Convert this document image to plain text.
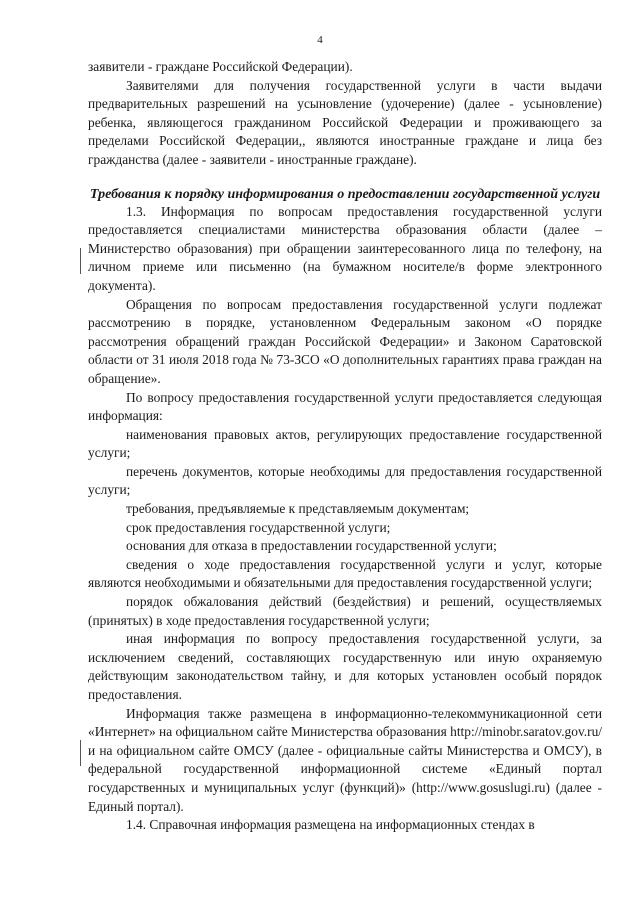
4

заявители - граждане Российской Федерации).

Заявителями для получения государственной услуги в части выдачи предварительных разрешений на усыновление (удочерение) (далее - усыновление) ребенка, являющегося гражданином Российской Федерации и проживающего за пределами Российской Федерации,, являются иностранные граждане и лица без гражданства (далее - заявители - иностранные граждане).

Требования к порядку информирования о предоставлении государственной услуги

1.3. Информация по вопросам предоставления государственной услуги предоставляется специалистами министерства образования области (далее – Министерство образования) при обращении заинтересованного лица по телефону, на личном приеме или письменно (на бумажном носителе/в форме электронного документа).

Обращения по вопросам предоставления государственной услуги подлежат рассмотрению в порядке, установленном Федеральным законом «О порядке рассмотрения обращений граждан Российской Федерации» и Законом Саратовской области от 31 июля 2018 года № 73-ЗСО «О дополнительных гарантиях права граждан на обращение».

По вопросу предоставления государственной услуги предоставляется следующая информация:

наименования правовых актов, регулирующих предоставление государственной услуги;

перечень документов, которые необходимы для предоставления государственной услуги;

требования, предъявляемые к представляемым документам;

срок предоставления государственной услуги;

основания для отказа в предоставлении государственной услуги;

сведения о ходе предоставления государственной услуги и услуг, которые являются необходимыми и обязательными для предоставления государственной услуги;

порядок обжалования действий (бездействия) и решений, осуществляемых (принятых) в ходе предоставления государственной услуги;

иная информация по вопросу предоставления государственной услуги, за исключением сведений, составляющих государственную или иную охраняемую действующим законодательством тайну, и для которых установлен особый порядок предоставления.

Информация также размещена в информационно-телекоммуникационной сети «Интернет» на официальном сайте Министерства образования http://minobr.saratov.gov.ru/ и на официальном сайте ОМСУ (далее - официальные сайты Министерства и ОМСУ), в федеральной государственной информационной системе «Единый портал государственных и муниципальных услуг (функций)» (http://www.gosuslugi.ru) (далее - Единый портал).

1.4. Справочная информация размещена на информационных стендах в
